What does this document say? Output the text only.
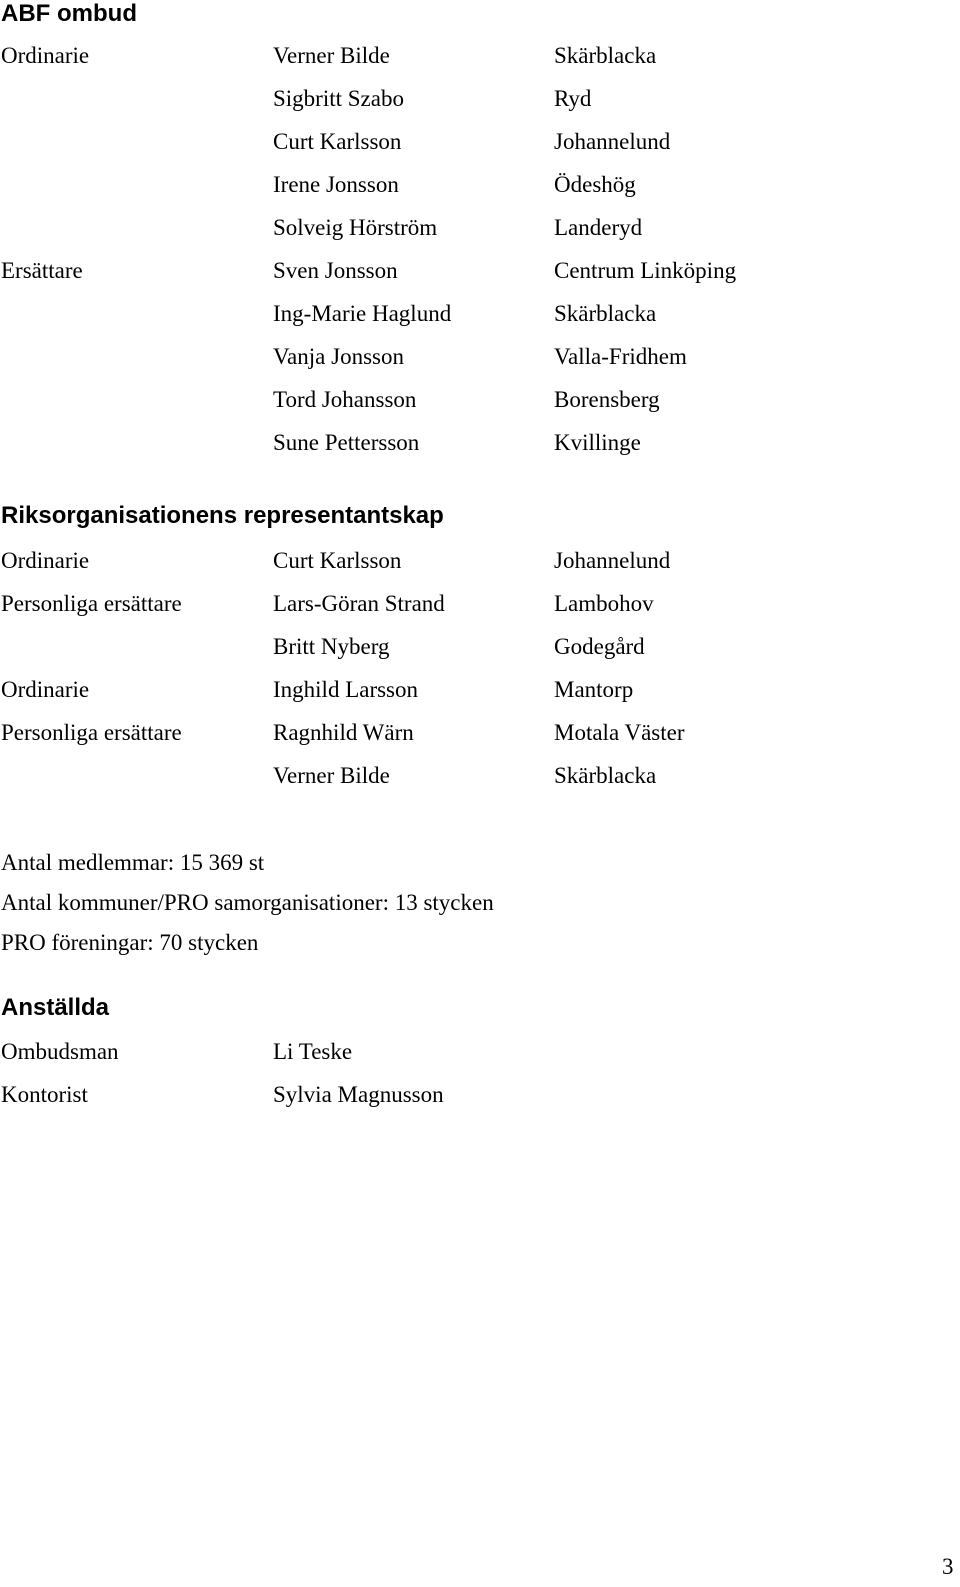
ABF ombud
Ordinarie	Verner Bilde	Skärblacka
Sigbritt Szabo	Ryd
Curt Karlsson	Johannelund
Irene Jonsson	Ödeshög
Solveig Hörström	Landeryd
Ersättare	Sven Jonsson	Centrum Linköping
Ing-Marie Haglund	Skärblacka
Vanja Jonsson	Valla-Fridhem
Tord Johansson	Borensberg
Sune Pettersson	Kvillinge
Riksorganisationens representantskap
Ordinarie	Curt Karlsson	Johannelund
Personliga ersättare	Lars-Göran Strand	Lambohov
Britt Nyberg	Godegård
Ordinarie	Inghild Larsson	Mantorp
Personliga ersättare	Ragnhild Wärn	Motala Väster
Verner Bilde	Skärblacka
Antal medlemmar: 15 369 st
Antal kommuner/PRO samorganisationer: 13 stycken
PRO föreningar: 70 stycken
Anställda
Ombudsman	Li Teske
Kontorist	Sylvia Magnusson
3
